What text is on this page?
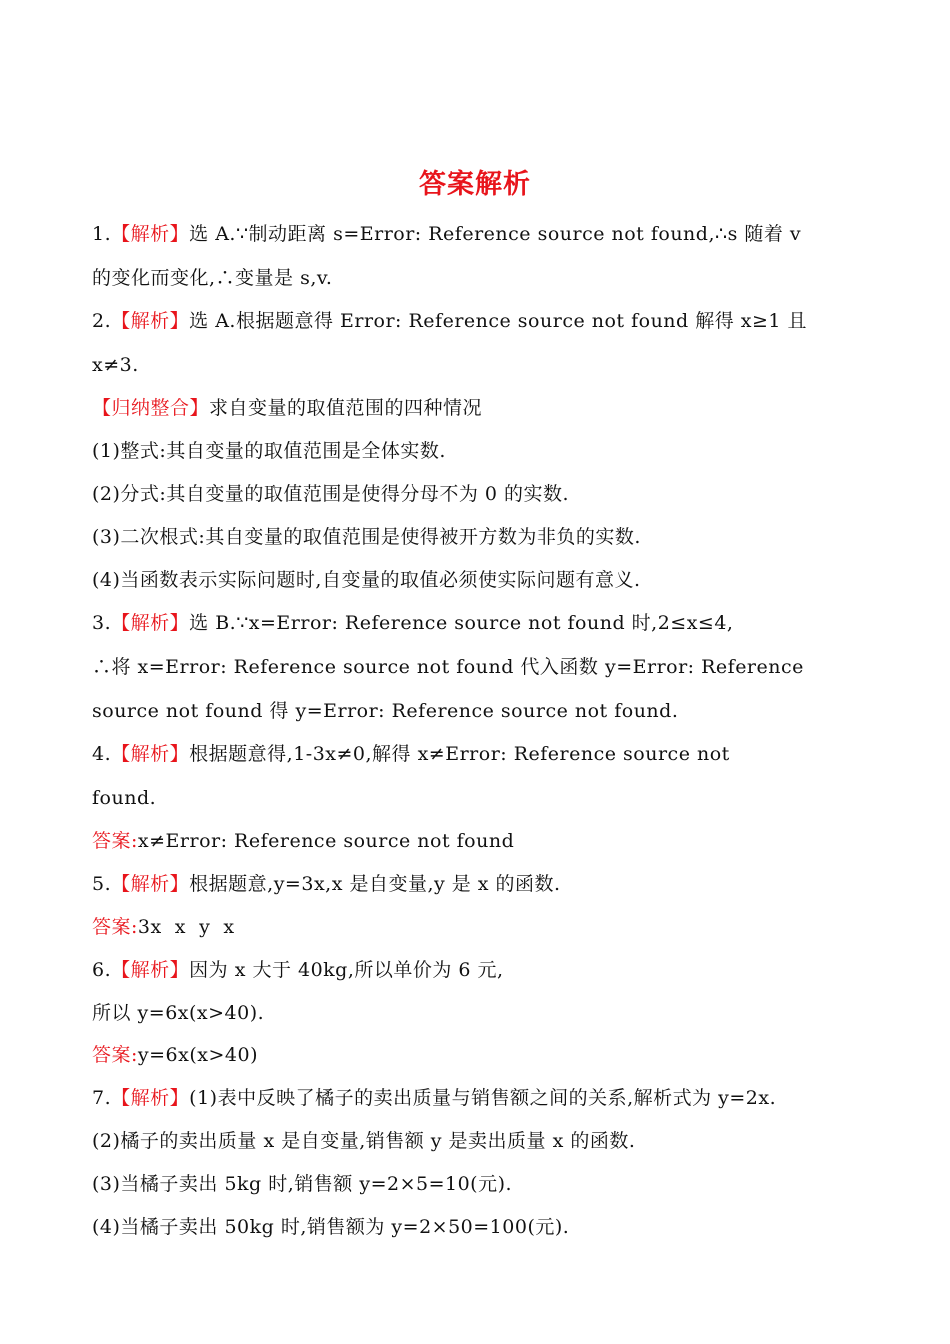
答案解析
1.【解析】选 A.∵制动距离 s=Error: Reference source not found,∴s 随着 v
的变化而变化,∴变量是 s,v.
2.【解析】选 A.根据题意得 Error: Reference source not found 解得 x≥1 且
x≠3.
【归纳整合】求自变量的取值范围的四种情况
(1)整式:其自变量的取值范围是全体实数.
(2)分式:其自变量的取值范围是使得分母不为 0 的实数.
(3)二次根式:其自变量的取值范围是使得被开方数为非负的实数.
(4)当函数表示实际问题时,自变量的取值必须使实际问题有意义.
3.【解析】选 B.∵x=Error: Reference source not found 时,2≤x≤4,
∴将 x=Error: Reference source not found 代入函数 y=Error: Reference
source not found 得 y=Error: Reference source not found.
4.【解析】根据题意得,1-3x≠0,解得 x≠Error: Reference source not
found.
答案:x≠Error: Reference source not found
5.【解析】根据题意,y=3x,x 是自变量,y 是 x 的函数.
答案:3x  x  y  x
6.【解析】因为 x 大于 40kg,所以单价为 6 元,
所以 y=6x(x>40).
答案:y=6x(x>40)
7.【解析】(1)表中反映了橘子的卖出质量与销售额之间的关系,解析式为 y=2x.
(2)橘子的卖出质量 x 是自变量,销售额 y 是卖出质量 x 的函数.
(3)当橘子卖出 5kg 时,销售额 y=2×5=10(元).
(4)当橘子卖出 50kg 时,销售额为 y=2×50=100(元).
